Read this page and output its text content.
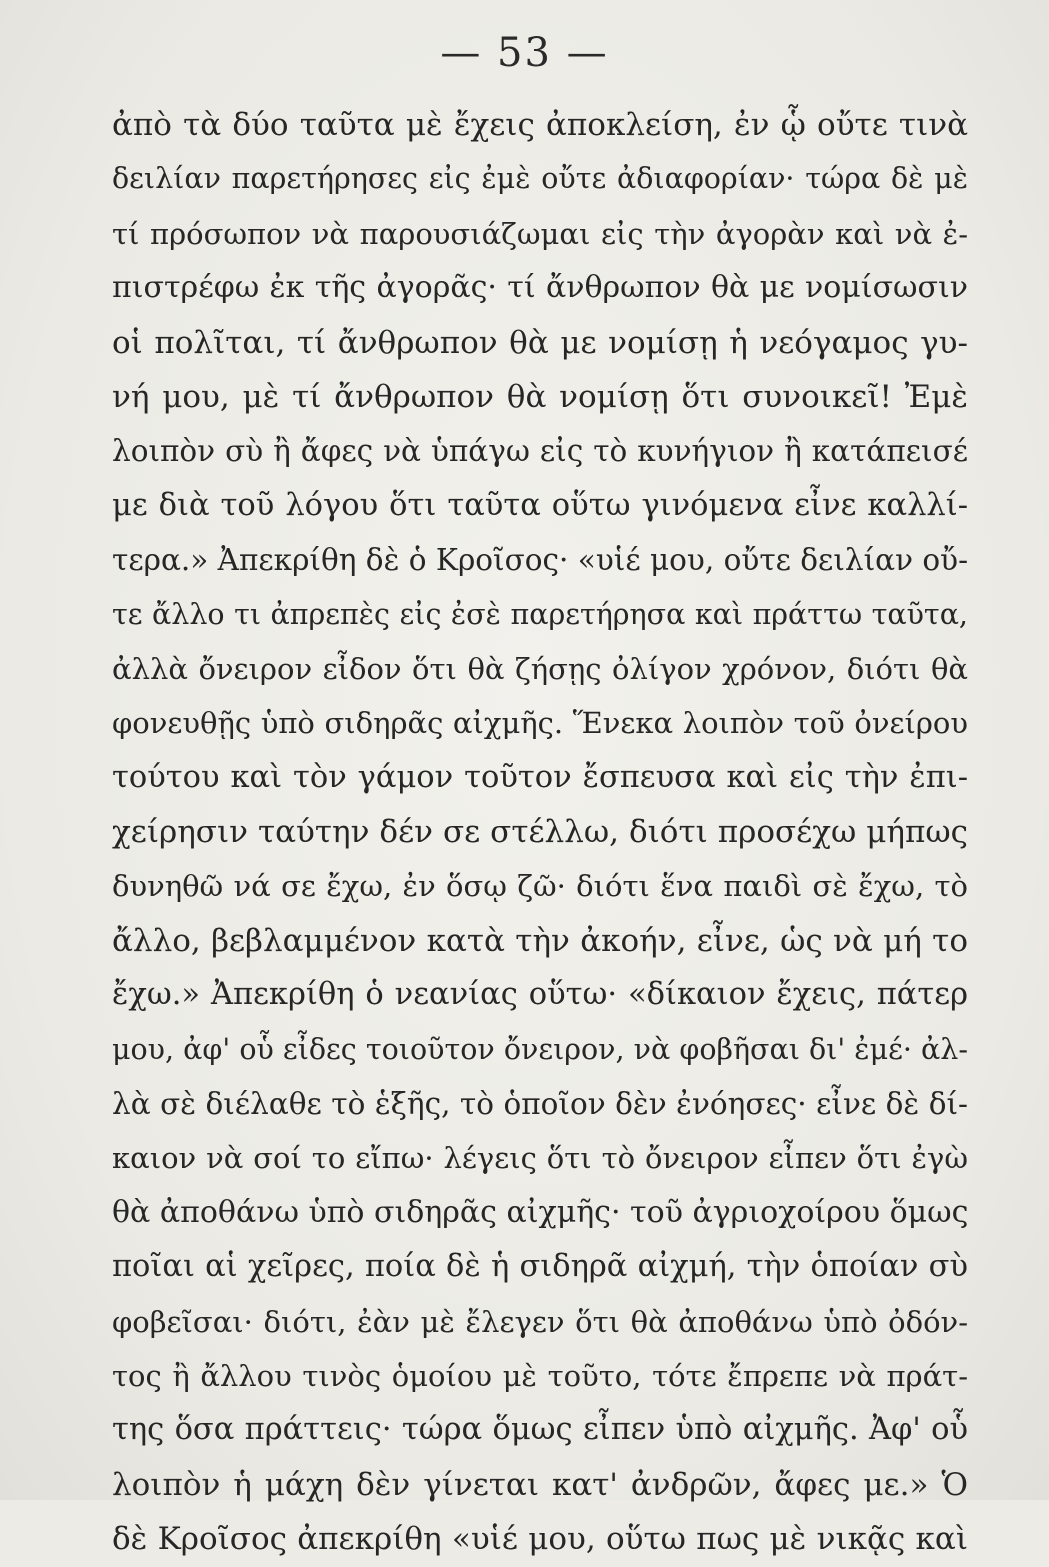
— 53 —
ἀπὸ τὰ δύο ταῦτα μὲ ἔχεις ἀποκλείση, ἐν ᾧ οὔτε τινὰ
δειλίαν παρετήρησες εἰς ἐμὲ οὔτε ἀδιαφορίαν· τώρα δὲ μὲ
τί πρόσωπον νὰ παρουσιάζωμαι εἰς τὴν ἀγορὰν καὶ νὰ ἐ-
πιστρέφω ἐκ τῆς ἀγορᾶς· τί ἄνθρωπον θὰ με νομίσωσιν
οἱ πολῖται, τί ἄνθρωπον θὰ με νομίσῃ ἡ νεόγαμος γυ-
νή μου, μὲ τί ἄνθρωπον θὰ νομίσῃ ὅτι συνοικεῖ! Ἐμὲ
λοιπὸν σὺ ἢ ἄφες νὰ ὑπάγω εἰς τὸ κυνήγιον ἢ κατάπεισέ
με διὰ τοῦ λόγου ὅτι ταῦτα οὕτω γινόμενα εἶνε καλλί-
τερα.» Ἀπεκρίθη δὲ ὁ Κροῖσος· «υἱέ μου, οὔτε δειλίαν οὔ-
τε ἄλλο τι ἀπρεπὲς εἰς ἐσὲ παρετήρησα καὶ πράττω ταῦτα,
ἀλλὰ ὄνειρον εἶδον ὅτι θὰ ζήσῃς ὀλίγον χρόνον, διότι θὰ
φονευθῇς ὑπὸ σιδηρᾶς αἰχμῆς. Ἕνεκα λοιπὸν τοῦ ὀνείρου
τούτου καὶ τὸν γάμον τοῦτον ἔσπευσα καὶ εἰς τὴν ἐπι-
χείρησιν ταύτην δέν σε στέλλω, διότι προσέχω μήπως
δυνηθῶ νά σε ἔχω, ἐν ὅσῳ ζῶ· διότι ἕνα παιδὶ σὲ ἔχω, τὸ
ἄλλο, βεβλαμμένον κατὰ τὴν ἀκοήν, εἶνε, ὡς νὰ μή το
ἔχω.» Ἀπεκρίθη ὁ νεανίας οὕτω· «δίκαιον ἔχεις, πάτερ
μου, ἀφ' οὗ εἶδες τοιοῦτον ὄνειρον, νὰ φοβῆσαι δι' ἐμέ· ἀλ-
λὰ σὲ διέλαθε τὸ ἑξῆς, τὸ ὁποῖον δὲν ἐνόησες· εἶνε δὲ δί-
καιον νὰ σοί το εἴπω· λέγεις ὅτι τὸ ὄνειρον εἶπεν ὅτι ἐγὼ
θὰ ἀποθάνω ὑπὸ σιδηρᾶς αἰχμῆς· τοῦ ἀγριοχοίρου ὅμως
ποῖαι αἱ χεῖρες, ποία δὲ ἡ σιδηρᾶ αἰχμή, τὴν ὁποίαν σὺ
φοβεῖσαι· διότι, ἐὰν μὲ ἔλεγεν ὅτι θὰ ἀποθάνω ὑπὸ ὀδόν-
τος ἢ ἄλλου τινὸς ὁμοίου μὲ τοῦτο, τότε ἔπρεπε νὰ πράτ-
της ὅσα πράττεις· τώρα ὅμως εἶπεν ὑπὸ αἰχμῆς. Ἀφ' οὗ
λοιπὸν ἡ μάχη δὲν γίνεται κατ' ἀνδρῶν, ἄφες με.» Ὁ
δὲ Κροῖσος ἀπεκρίθη «υἱέ μου, οὕτω πως μὲ νικᾷς καὶ
